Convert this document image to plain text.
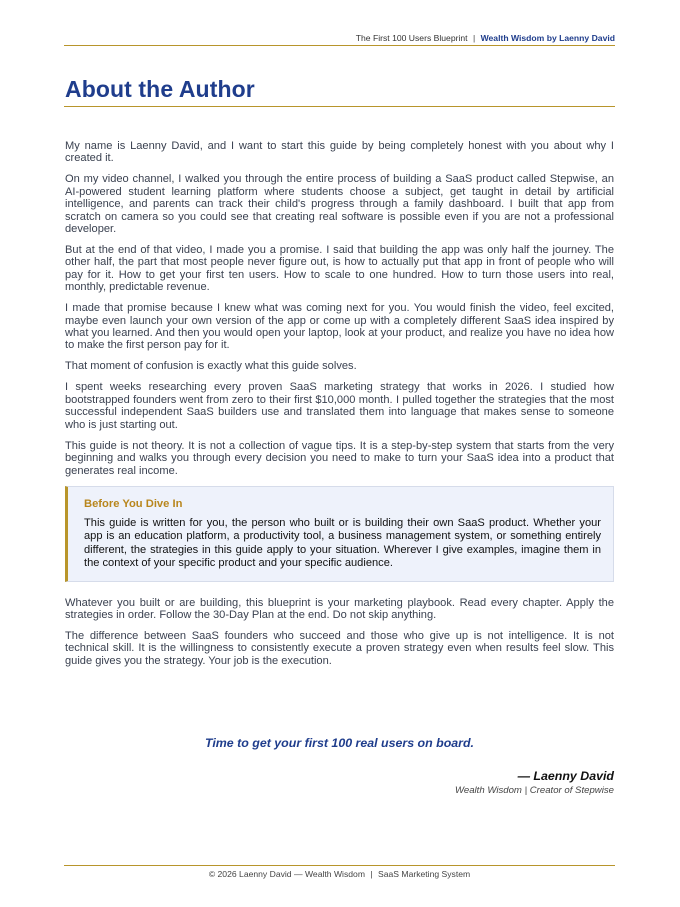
The First 100 Users Blueprint | Wealth Wisdom by Laenny David
About the Author

My name is Laenny David, and I want to start this guide by being completely honest with you about why I created it.

On my video channel, I walked you through the entire process of building a SaaS product called Stepwise, an AI-powered student learning platform where students choose a subject, get taught in detail by artificial intelligence, and parents can track their child's progress through a family dashboard. I built that app from scratch on camera so you could see that creating real software is possible even if you are not a professional developer.

But at the end of that video, I made you a promise. I said that building the app was only half the journey. The other half, the part that most people never figure out, is how to actually put that app in front of people who will pay for it. How to get your first ten users. How to scale to one hundred. How to turn those users into real, monthly, predictable revenue.

I made that promise because I knew what was coming next for you. You would finish the video, feel excited, maybe even launch your own version of the app or come up with a completely different SaaS idea inspired by what you learned. And then you would open your laptop, look at your product, and realize you have no idea how to make the first person pay for it.

That moment of confusion is exactly what this guide solves.

I spent weeks researching every proven SaaS marketing strategy that works in 2026. I studied how bootstrapped founders went from zero to their first $10,000 month. I pulled together the strategies that the most successful independent SaaS builders use and translated them into language that makes sense to someone who is just starting out.

This guide is not theory. It is not a collection of vague tips. It is a step-by-step system that starts from the very beginning and walks you through every decision you need to make to turn your SaaS idea into a product that generates real income.

Before You Dive In
This guide is written for you, the person who built or is building their own SaaS product. Whether your app is an education platform, a productivity tool, a business management system, or something entirely different, the strategies in this guide apply to your situation. Wherever I give examples, imagine them in the context of your specific product and your specific audience.

Whatever you built or are building, this blueprint is your marketing playbook. Read every chapter. Apply the strategies in order. Follow the 30-Day Plan at the end. Do not skip anything.

The difference between SaaS founders who succeed and those who give up is not intelligence. It is not technical skill. It is the willingness to consistently execute a proven strategy even when results feel slow. This guide gives you the strategy. Your job is the execution.

Time to get your first 100 real users on board.
— Laenny David
Wealth Wisdom | Creator of Stepwise
© 2026 Laenny David — Wealth Wisdom | SaaS Marketing System
